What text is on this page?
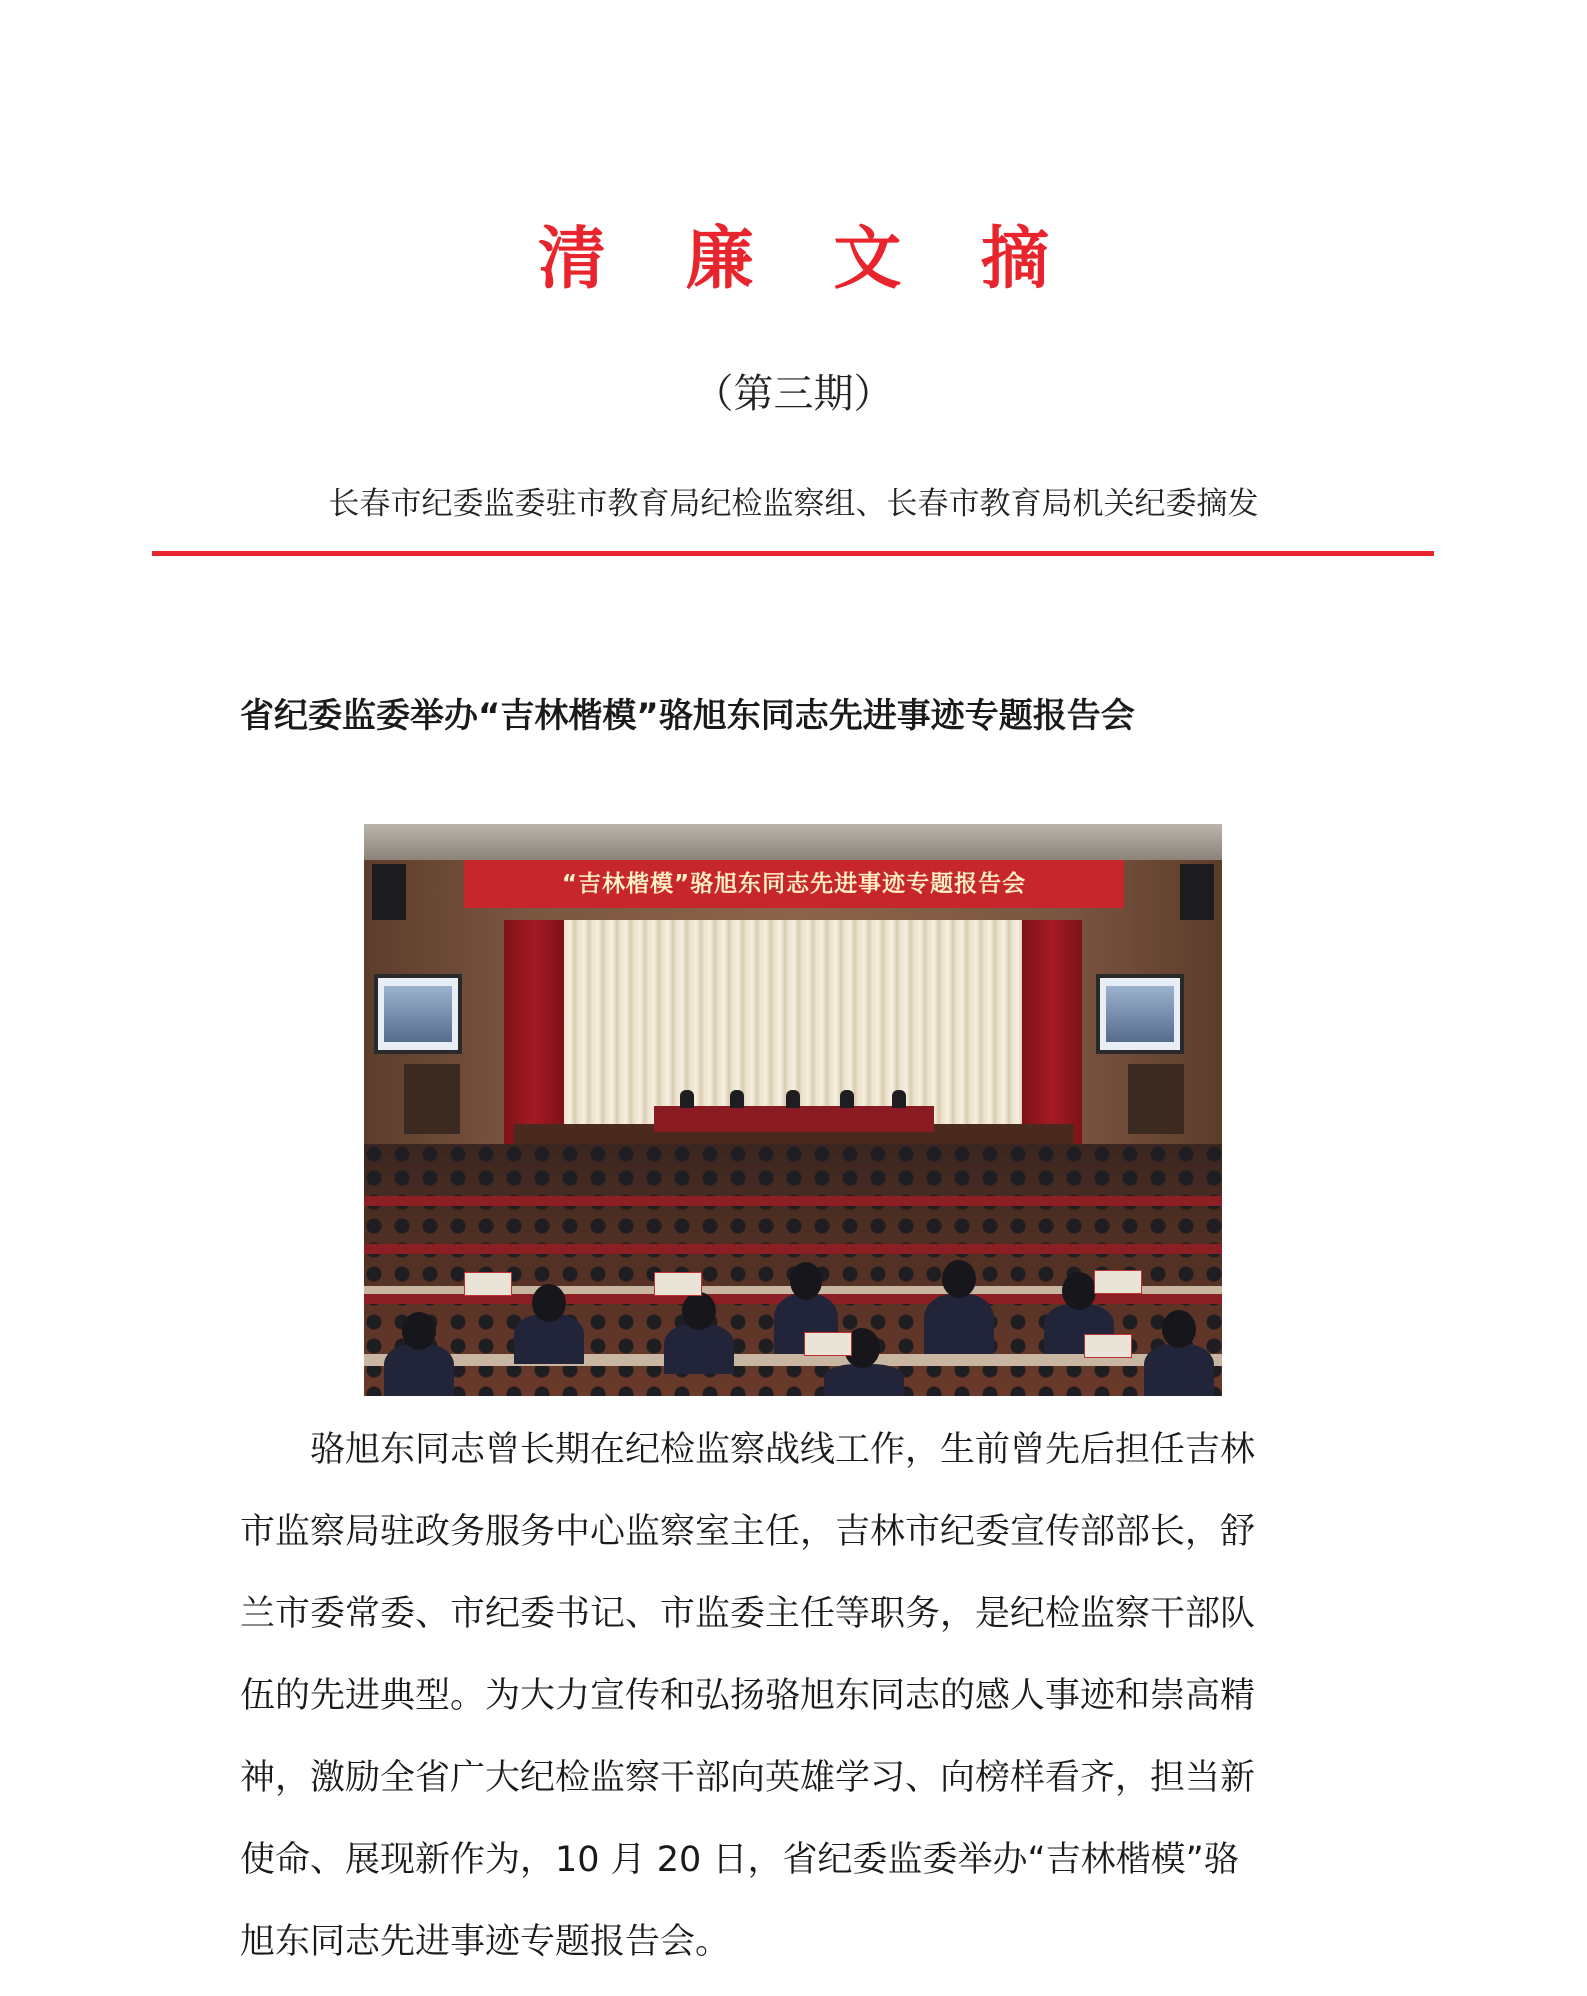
清 廉 文 摘
（第三期）
长春市纪委监委驻市教育局纪检监察组、长春市教育局机关纪委摘发
省纪委监委举办“吉林楷模”骆旭东同志先进事迹专题报告会
“吉林楷模”骆旭东同志先进事迹专题报告会
骆旭东同志曾长期在纪检监察战线工作，生前曾先后担任吉林
市监察局驻政务服务中心监察室主任，吉林市纪委宣传部部长，舒
兰市委常委、市纪委书记、市监委主任等职务，是纪检监察干部队
伍的先进典型。为大力宣传和弘扬骆旭东同志的感人事迹和崇高精
神，激励全省广大纪检监察干部向英雄学习、向榜样看齐，担当新
使命、展现新作为，10 月 20 日，省纪委监委举办“吉林楷模”骆
旭东同志先进事迹专题报告会。
